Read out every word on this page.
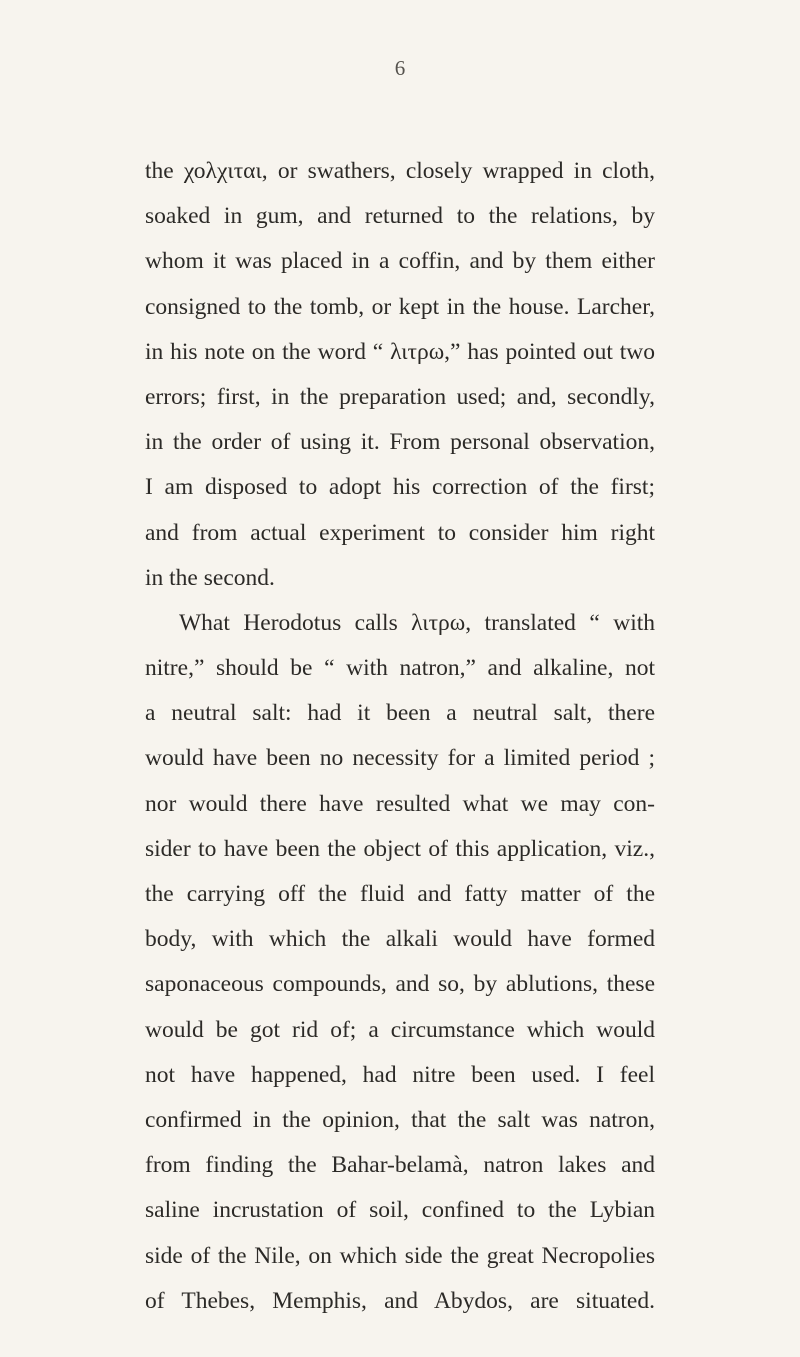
6
the χολχιται, or swathers, closely wrapped in cloth,
soaked in gum, and returned to the relations, by
whom it was placed in a coffin, and by them either
consigned to the tomb, or kept in the house. Larcher,
in his note on the word “ λιτρω,” has pointed out two
errors; first, in the preparation used; and, secondly,
in the order of using it. From personal observation,
I am disposed to adopt his correction of the first;
and from actual experiment to consider him right
in the second.
What Herodotus calls λιτρω, translated “ with
nitre,” should be “ with natron,” and alkaline, not
a neutral salt: had it been a neutral salt, there
would have been no necessity for a limited period ;
nor would there have resulted what we may con-
sider to have been the object of this application, viz.,
the carrying off the fluid and fatty matter of the
body, with which the alkali would have formed
saponaceous compounds, and so, by ablutions, these
would be got rid of; a circumstance which would
not have happened, had nitre been used. I feel
confirmed in the opinion, that the salt was natron,
from finding the Bahar-belamà, natron lakes and
saline incrustation of soil, confined to the Lybian
side of the Nile, on which side the great Necropolies
of Thebes, Memphis, and Abydos, are situated.
